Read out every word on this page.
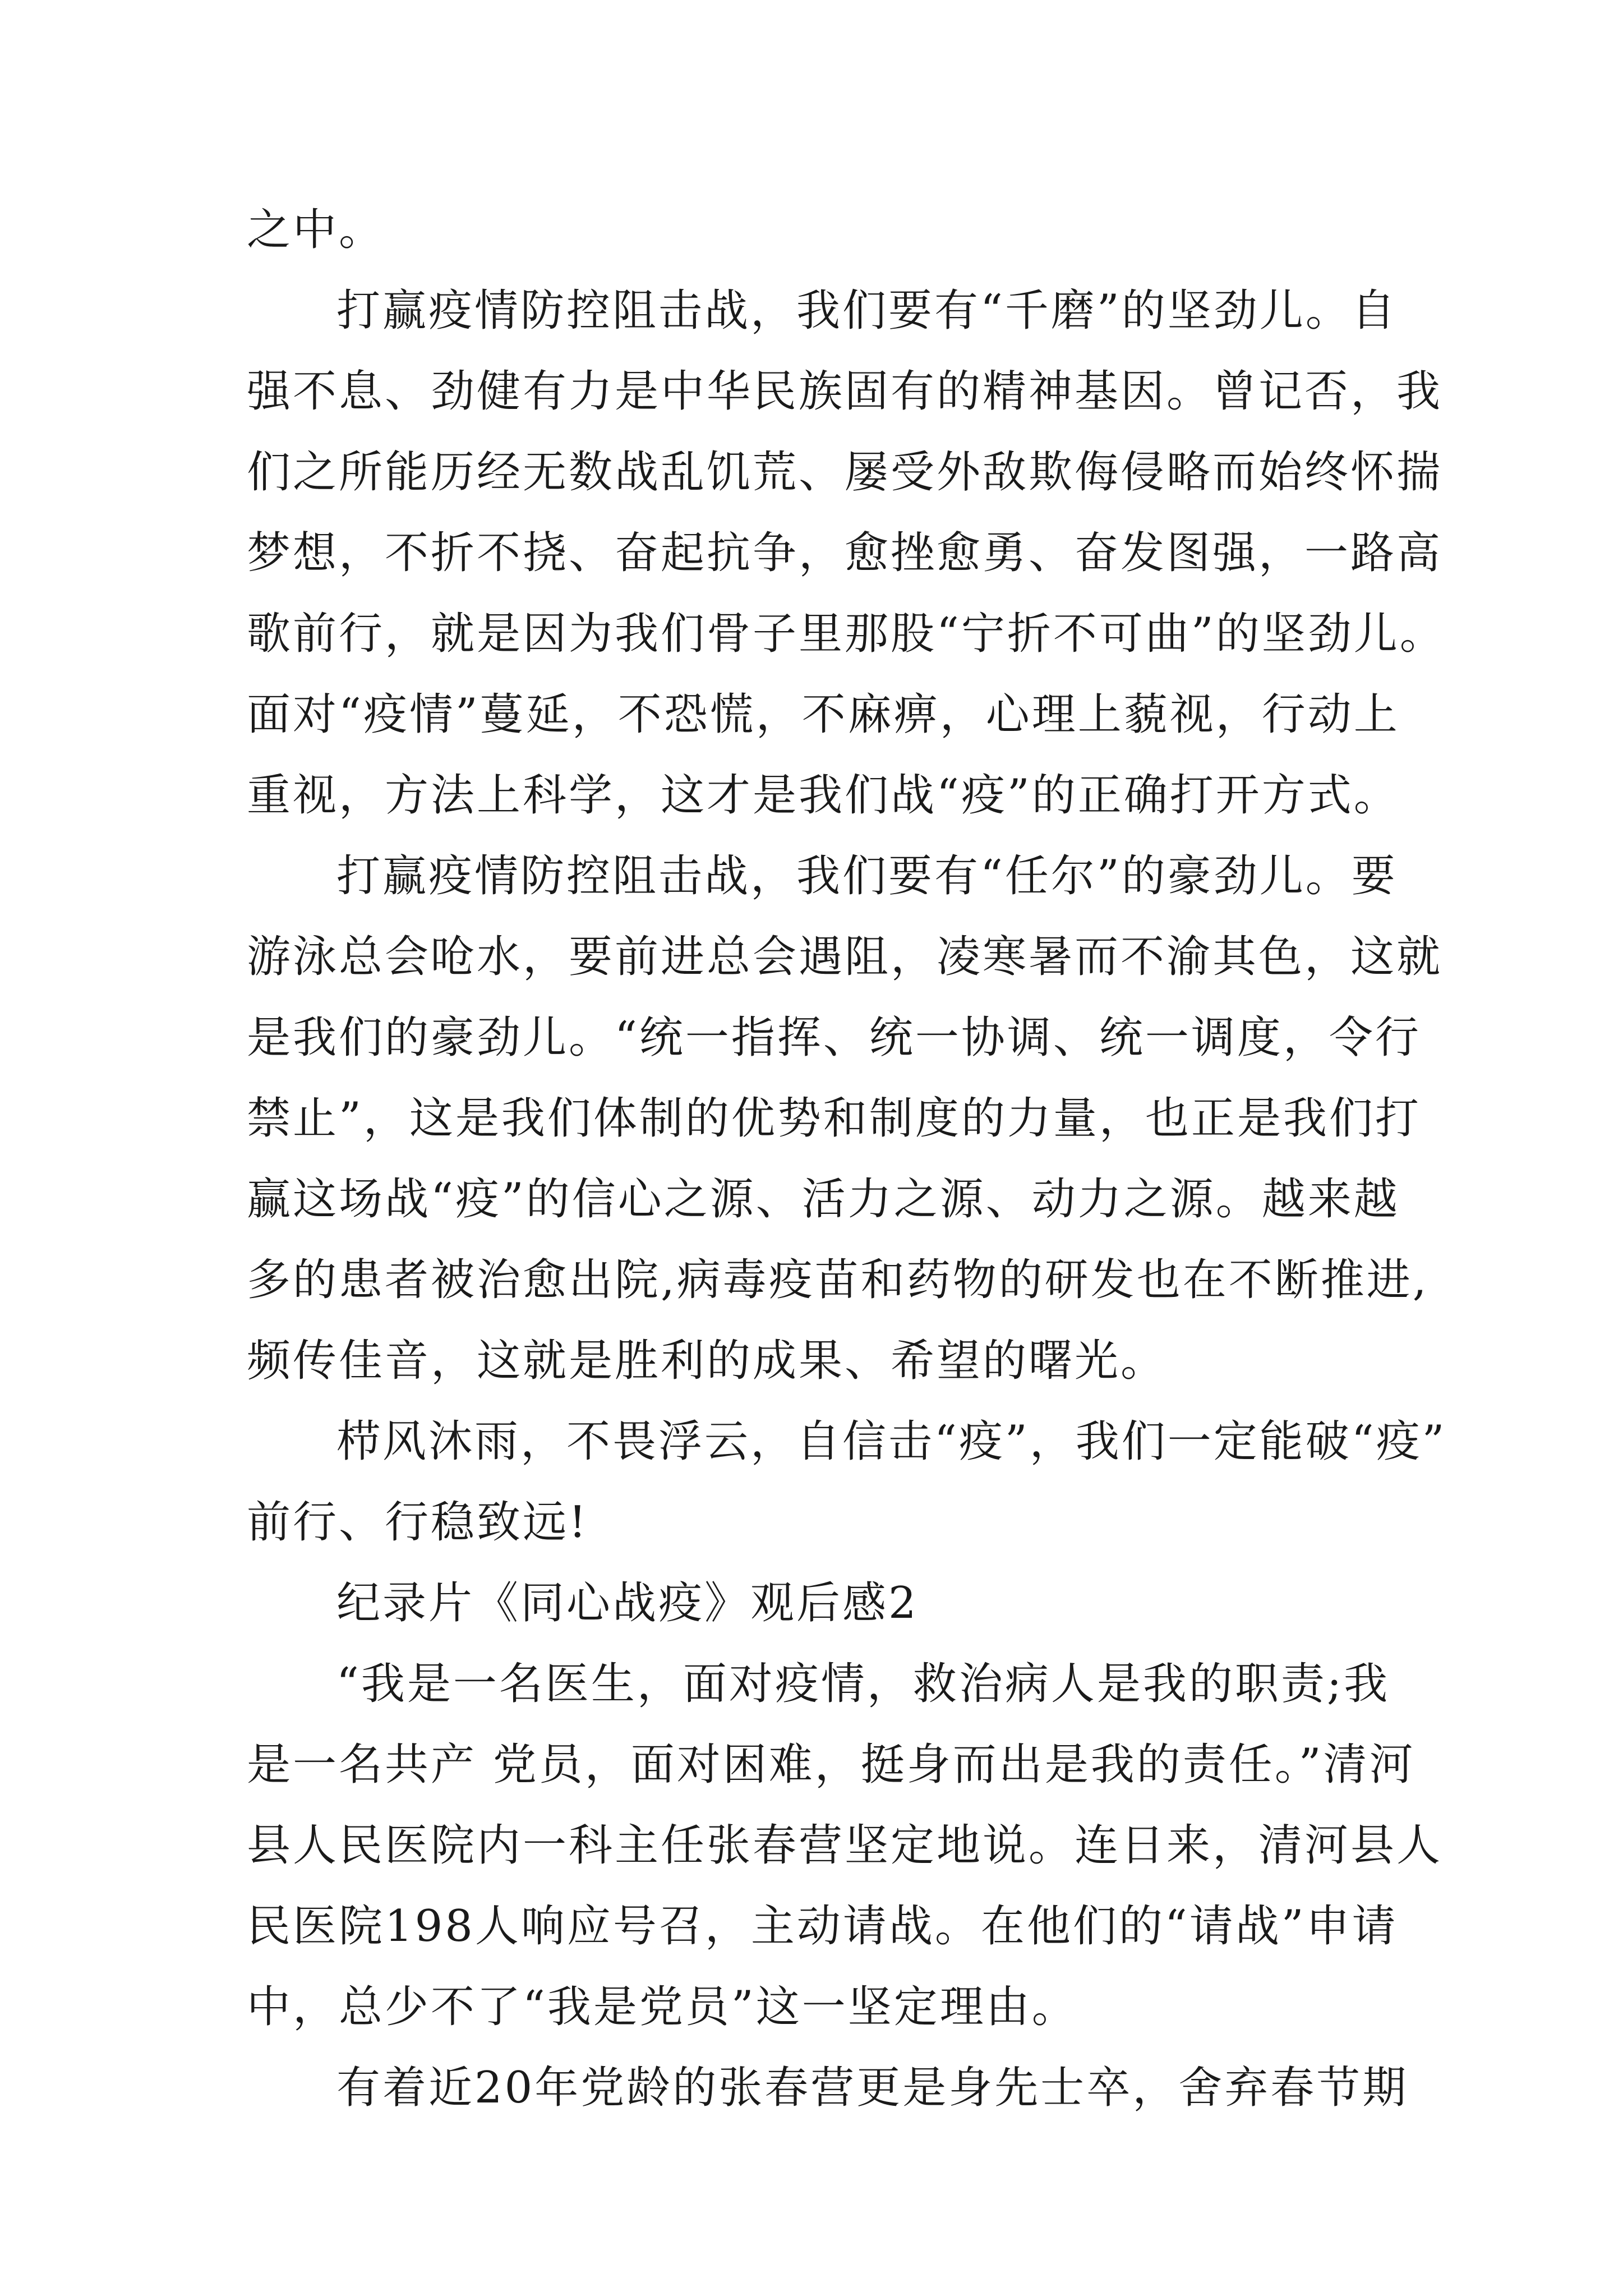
之中。
打赢疫情防控阻击战，我们要有“千磨”的坚劲儿。自
强不息、劲健有力是中华民族固有的精神基因。曾记否，我
们之所能历经无数战乱饥荒、屡受外敌欺侮侵略而始终怀揣
梦想，不折不挠、奋起抗争，愈挫愈勇、奋发图强，一路高
歌前行，就是因为我们骨子里那股“宁折不可曲”的坚劲儿。
面对“疫情”蔓延，不恐慌，不麻痹，心理上藐视，行动上
重视，方法上科学，这才是我们战“疫”的正确打开方式。
打赢疫情防控阻击战，我们要有“任尔”的豪劲儿。要
游泳总会呛水，要前进总会遇阻，凌寒暑而不渝其色，这就
是我们的豪劲儿。“统一指挥、统一协调、统一调度，令行
禁止”，这是我们体制的优势和制度的力量，也正是我们打
赢这场战“疫”的信心之源、活力之源、动力之源。越来越
多的患者被治愈出院,病毒疫苗和药物的研发也在不断推进,
频传佳音，这就是胜利的成果、希望的曙光。
栉风沐雨，不畏浮云，自信击“疫”，我们一定能破“疫”
前行、行稳致远!
纪录片《同心战疫》观后感2
“我是一名医生，面对疫情，救治病人是我的职责;我
是一名共产 党员，面对困难，挺身而出是我的责任。”清河
县人民医院内一科主任张春营坚定地说。连日来，清河县人
民医院198人响应号召，主动请战。在他们的“请战”申请
中，总少不了“我是党员”这一坚定理由。
有着近20年党龄的张春营更是身先士卒，舍弃春节期
